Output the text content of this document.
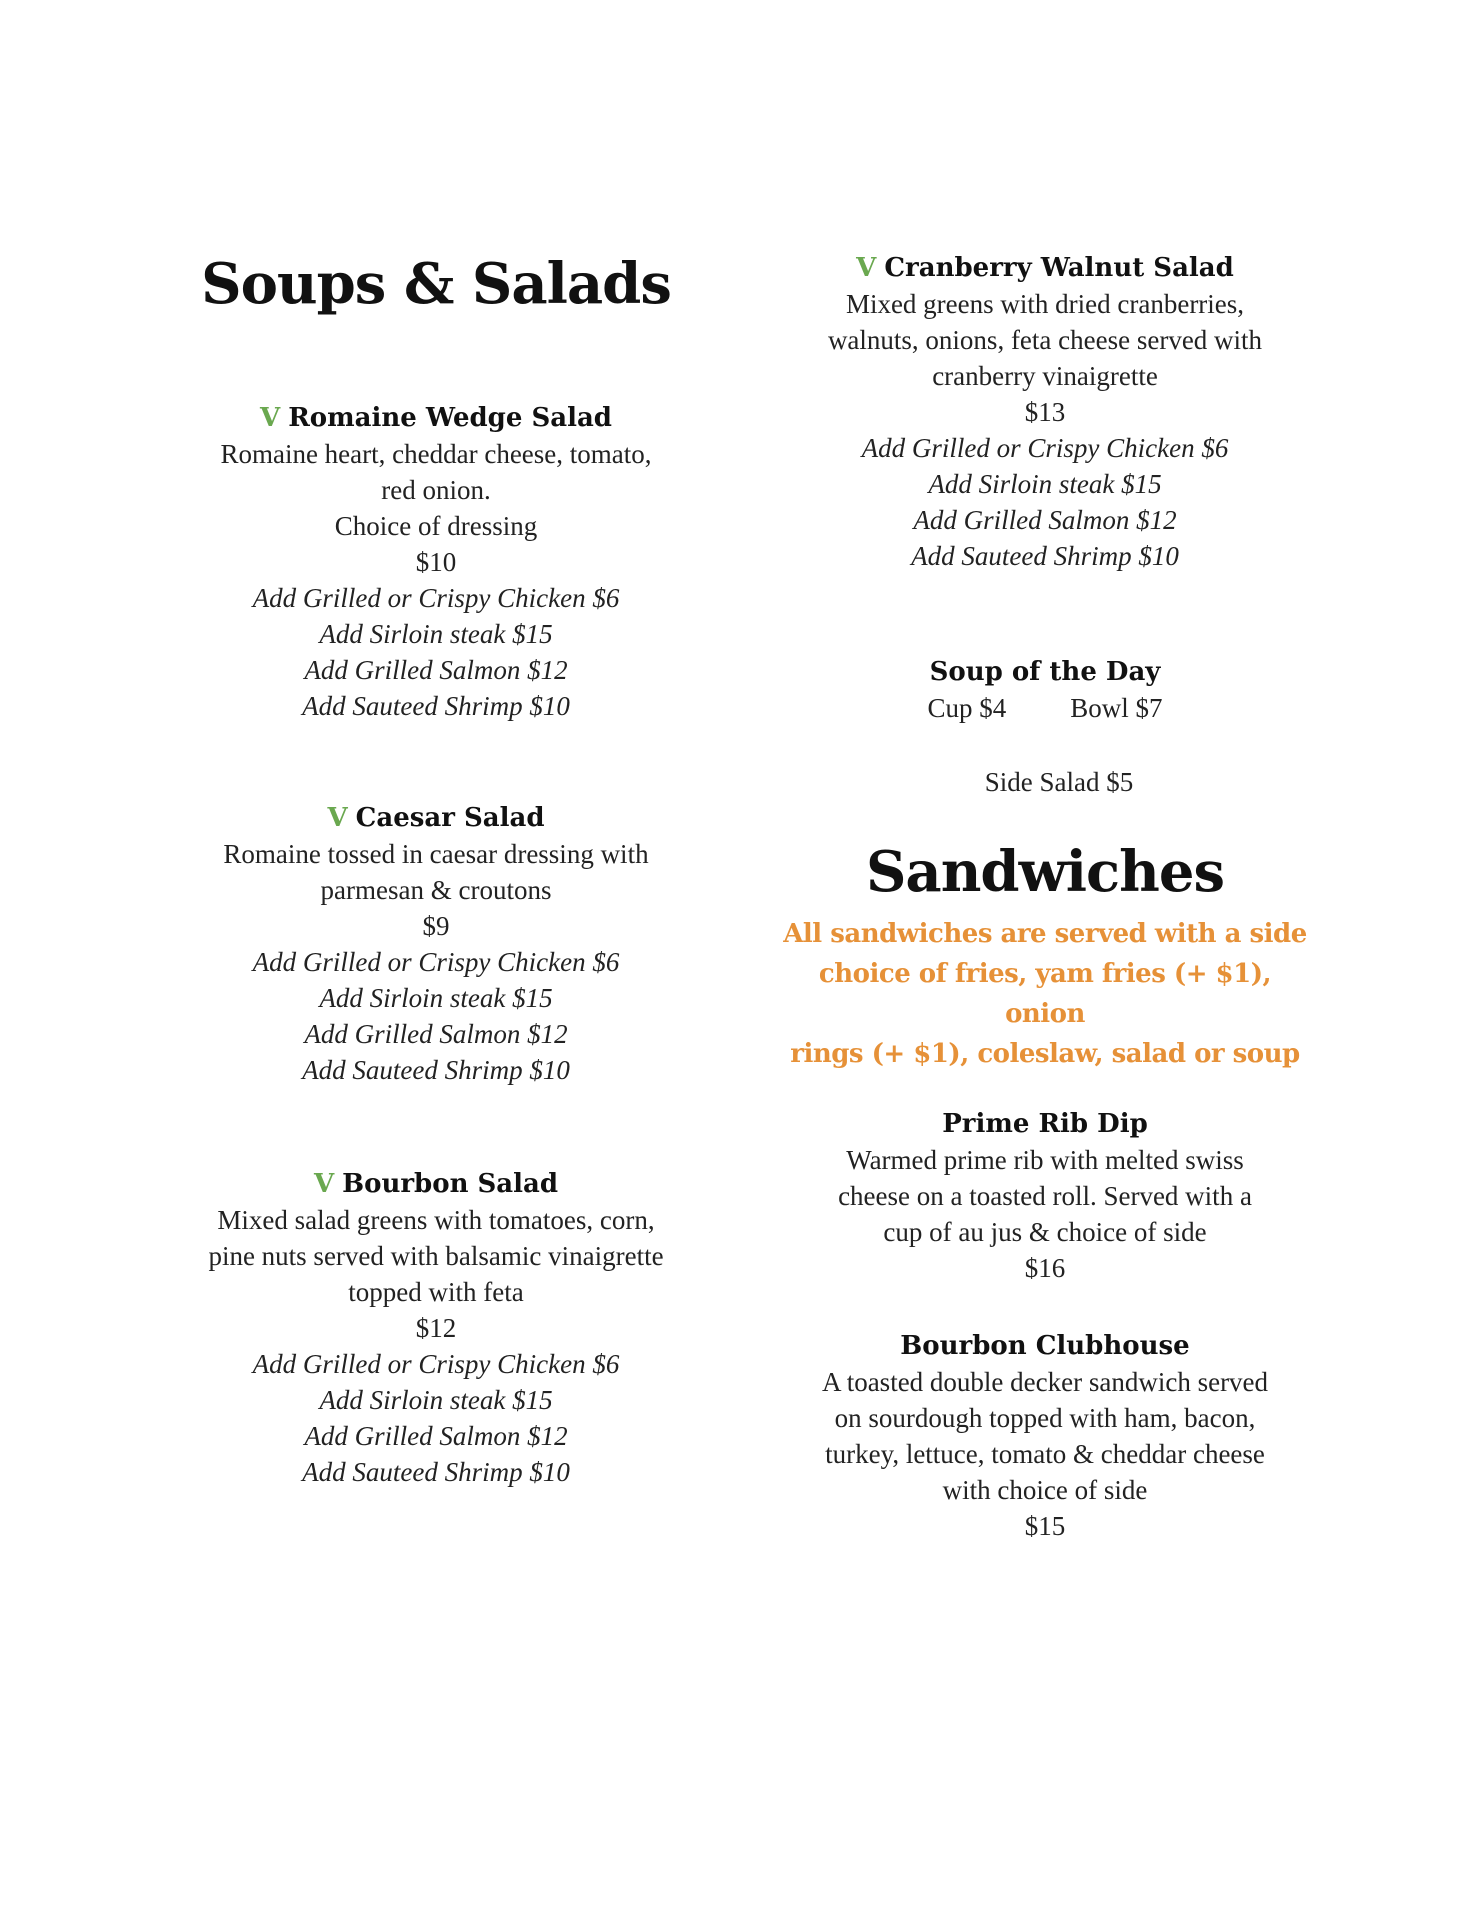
Soups & Salads
V Romaine Wedge Salad
Romaine heart, cheddar cheese, tomato,
red onion.
Choice of dressing
$10
Add Grilled or Crispy Chicken $6
Add Sirloin steak $15
Add Grilled Salmon $12
Add Sauteed Shrimp $10
V Caesar Salad
Romaine tossed in caesar dressing with
parmesan & croutons
$9
Add Grilled or Crispy Chicken $6
Add Sirloin steak $15
Add Grilled Salmon $12
Add Sauteed Shrimp $10
V Bourbon Salad
Mixed salad greens with tomatoes, corn,
pine nuts served with balsamic vinaigrette
topped with feta
$12
Add Grilled or Crispy Chicken $6
Add Sirloin steak $15
Add Grilled Salmon $12
Add Sauteed Shrimp $10
V Cranberry Walnut Salad
Mixed greens with dried cranberries,
walnuts, onions, feta cheese served with
cranberry vinaigrette
$13
Add Grilled or Crispy Chicken $6
Add Sirloin steak $15
Add Grilled Salmon $12
Add Sauteed Shrimp $10
Soup of the Day
Cup $4 Bowl $7
Side Salad $5
Sandwiches
All sandwiches are served with a side
choice of fries, yam fries (+ $1), onion
rings (+ $1), coleslaw, salad or soup
Prime Rib Dip
Warmed prime rib with melted swiss
cheese on a toasted roll. Served with a
cup of au jus & choice of side
$16
Bourbon Clubhouse
A toasted double decker sandwich served
on sourdough topped with ham, bacon,
turkey, lettuce, tomato & cheddar cheese
with choice of side
$15
